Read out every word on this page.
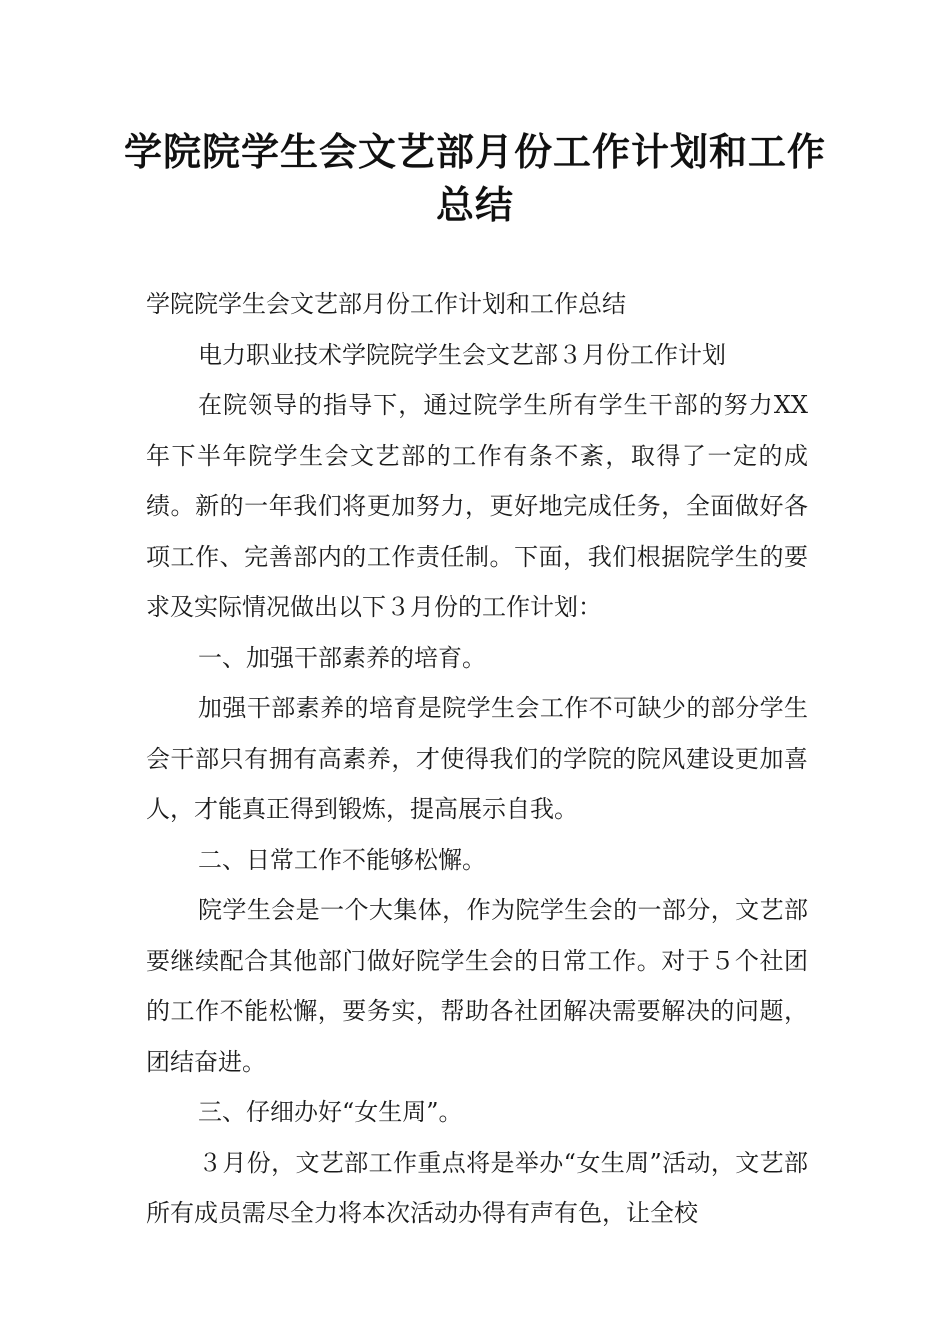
学院院学生会文艺部月份工作计划和工作总结

学院院学生会文艺部月份工作计划和工作总结

电力职业技术学院院学生会文艺部３月份工作计划

在院领导的指导下，通过院学生所有学生干部的努力XX年下半年院学生会文艺部的工作有条不紊，取得了一定的成绩。新的一年我们将更加努力，更好地完成任务，全面做好各项工作、完善部内的工作责任制。下面，我们根据院学生的要求及实际情况做出以下３月份的工作计划：

一、加强干部素养的培育。

加强干部素养的培育是院学生会工作不可缺少的部分学生会干部只有拥有高素养，才使得我们的学院的院风建设更加喜人，才能真正得到锻炼，提高展示自我。

二、日常工作不能够松懈。

院学生会是一个大集体，作为院学生会的一部分，文艺部要继续配合其他部门做好院学生会的日常工作。对于５个社团的工作不能松懈，要务实，帮助各社团解决需要解决的问题，团结奋进。

三、仔细办好“女生周”。

３月份，文艺部工作重点将是举办“女生周”活动，文艺部所有成员需尽全力将本次活动办得有声有色，让全校
